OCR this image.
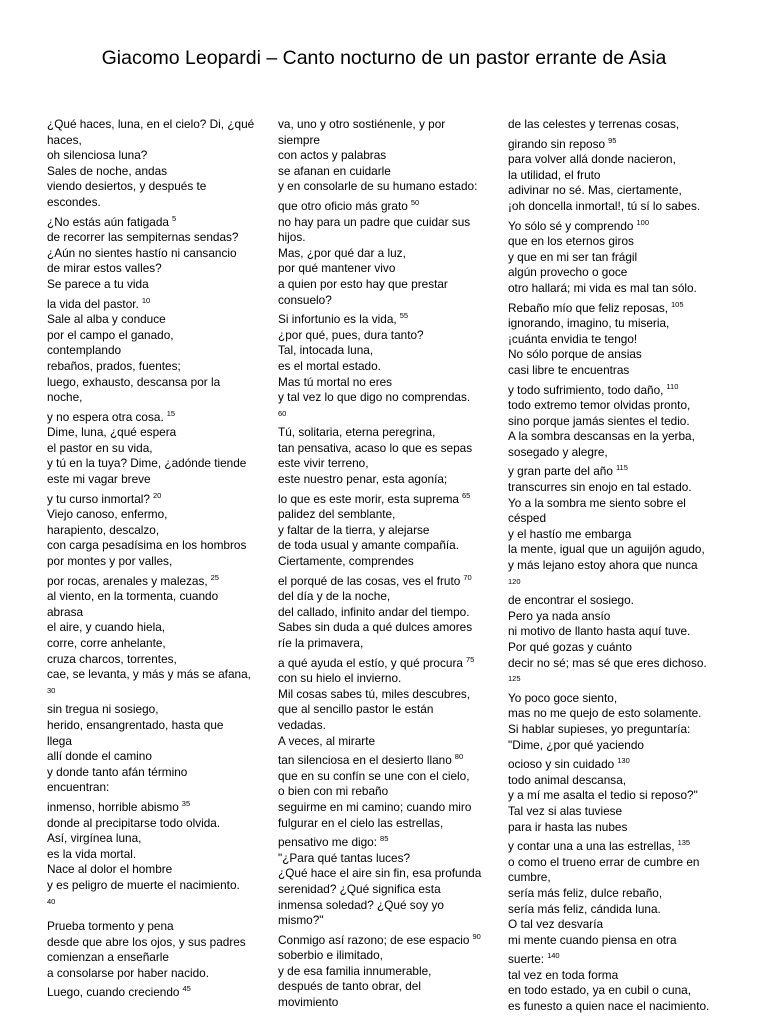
Giacomo Leopardi – Canto nocturno de un pastor errante de Asia
¿Qué haces, luna, en el cielo? Di, ¿qué
haces,
oh silenciosa luna?
Sales de noche, andas
viendo desiertos, y después te
escondes.
¿No estás aún fatigada $^5$
de recorrer las sempiternas sendas?
¿Aún no sientes hastío ni cansancio
de mirar estos valles?
Se parece a tu vida
la vida del pastor. $^{10}$
Sale al alba y conduce
por el campo el ganado,
contemplando
rebaños, prados, fuentes;
luego, exhausto, descansa por la
noche,
y no espera otra cosa. $^{15}$
Dime, luna, ¿qué espera
el pastor en su vida,
y tú en la tuya? Dime, ¿adónde tiende
este mi vagar breve
y tu curso inmortal? $^{20}$
Viejo canoso, enfermo,
harapiento, descalzo,
con carga pesadísima en los hombros
por montes y por valles,
por rocas, arenales y malezas, $^{25}$
al viento, en la tormenta, cuando
abrasa
el aire, y cuando hiela,
corre, corre anhelante,
cruza charcos, torrentes,
cae, se levanta, y más y más se afana,
$^{30}$
sin tregua ni sosiego,
herido, ensangrentado, hasta que
llega
allí donde el camino
y donde tanto afán término
encuentran:
inmenso, horrible abismo $^{35}$
donde al precipitarse todo olvida.
Así, virgínea luna,
es la vida mortal.
Nace al dolor el hombre
y es peligro de muerte el nacimiento.
$^{40}$
Prueba tormento y pena
desde que abre los ojos, y sus padres
comienzan a enseñarle
a consolarse por haber nacido.
Luego, cuando creciendo $^{45}$
va, uno y otro sostiénenle, y por
siempre
con actos y palabras
se afanan en cuidarle
y en consolarle de su humano estado:
que otro oficio más grato $^{50}$
no hay para un padre que cuidar sus
hijos.
Mas, ¿por qué dar a luz,
por qué mantener vivo
a quien por esto hay que prestar
consuelo?
Si infortunio es la vida, $^{55}$
¿por qué, pues, dura tanto?
Tal, intocada luna,
es el mortal estado.
Mas tú mortal no eres
y tal vez lo que digo no comprendas.
$^{60}$
Tú, solitaria, eterna peregrina,
tan pensativa, acaso lo que es sepas
este vivir terreno,
este nuestro penar, esta agonía;
lo que es este morir, esta suprema $^{65}$
palidez del semblante,
y faltar de la tierra, y alejarse
de toda usual y amante compañía.
Ciertamente, comprendes
el porqué de las cosas, ves el fruto $^{70}$
del día y de la noche,
del callado, infinito andar del tiempo.
Sabes sin duda a qué dulces amores
ríe la primavera,
a qué ayuda el estío, y qué procura $^{75}$
con su hielo el invierno.
Mil cosas sabes tú, miles descubres,
que al sencillo pastor le están
vedadas.
A veces, al mirarte
tan silenciosa en el desierto llano $^{80}$
que en su confín se une con el cielo,
o bien con mi rebaño
seguirme en mi camino; cuando miro
fulgurar en el cielo las estrellas,
pensativo me digo: $^{85}$
"¿Para qué tantas luces?
¿Qué hace el aire sin fin, esa profunda
serenidad? ¿Qué significa esta
inmensa soledad? ¿Qué soy yo
mismo?"
Conmigo así razono; de ese espacio $^{90}$
soberbio e ilimitado,
y de esa familia innumerable,
después de tanto obrar, del
movimiento
de las celestes y terrenas cosas,
girando sin reposo $^{95}$
para volver allá donde nacieron,
la utilidad, el fruto
adivinar no sé. Mas, ciertamente,
¡oh doncella inmortal!, tú sí lo sabes.
Yo sólo sé y comprendo $^{100}$
que en los eternos giros
y que en mi ser tan frágil
algún provecho o goce
otro hallará; mi vida es mal tan sólo.
Rebaño mío que feliz reposas, $^{105}$
ignorando, imagino, tu miseria,
¡cuánta envidia te tengo!
No sólo porque de ansias
casi libre te encuentras
y todo sufrimiento, todo daño, $^{110}$
todo extremo temor olvidas pronto,
sino porque jamás sientes el tedio.
A la sombra descansas en la yerba,
sosegado y alegre,
y gran parte del año $^{115}$
transcurres sin enojo en tal estado.
Yo a la sombra me siento sobre el
césped
y el hastío me embarga
la mente, igual que un aguijón agudo,
y más lejano estoy ahora que nunca
$^{120}$
de encontrar el sosiego.
Pero ya nada ansío
ni motivo de llanto hasta aquí tuve.
Por qué gozas y cuánto
decir no sé; mas sé que eres dichoso.
$^{125}$
Yo poco goce siento,
mas no me quejo de esto solamente.
Si hablar supieses, yo preguntaría:
"Dime, ¿por qué yaciendo
ocioso y sin cuidado $^{130}$
todo animal descansa,
y a mí me asalta el tedio si reposo?"
Tal vez si alas tuviese
para ir hasta las nubes
y contar una a una las estrellas, $^{135}$
o como el trueno errar de cumbre en
cumbre,
sería más feliz, dulce rebaño,
sería más feliz, cándida luna.
O tal vez desvaría
mi mente cuando piensa en otra
suerte: $^{140}$
tal vez en toda forma
en todo estado, ya en cubil o cuna,
es funesto a quien nace el nacimiento.
